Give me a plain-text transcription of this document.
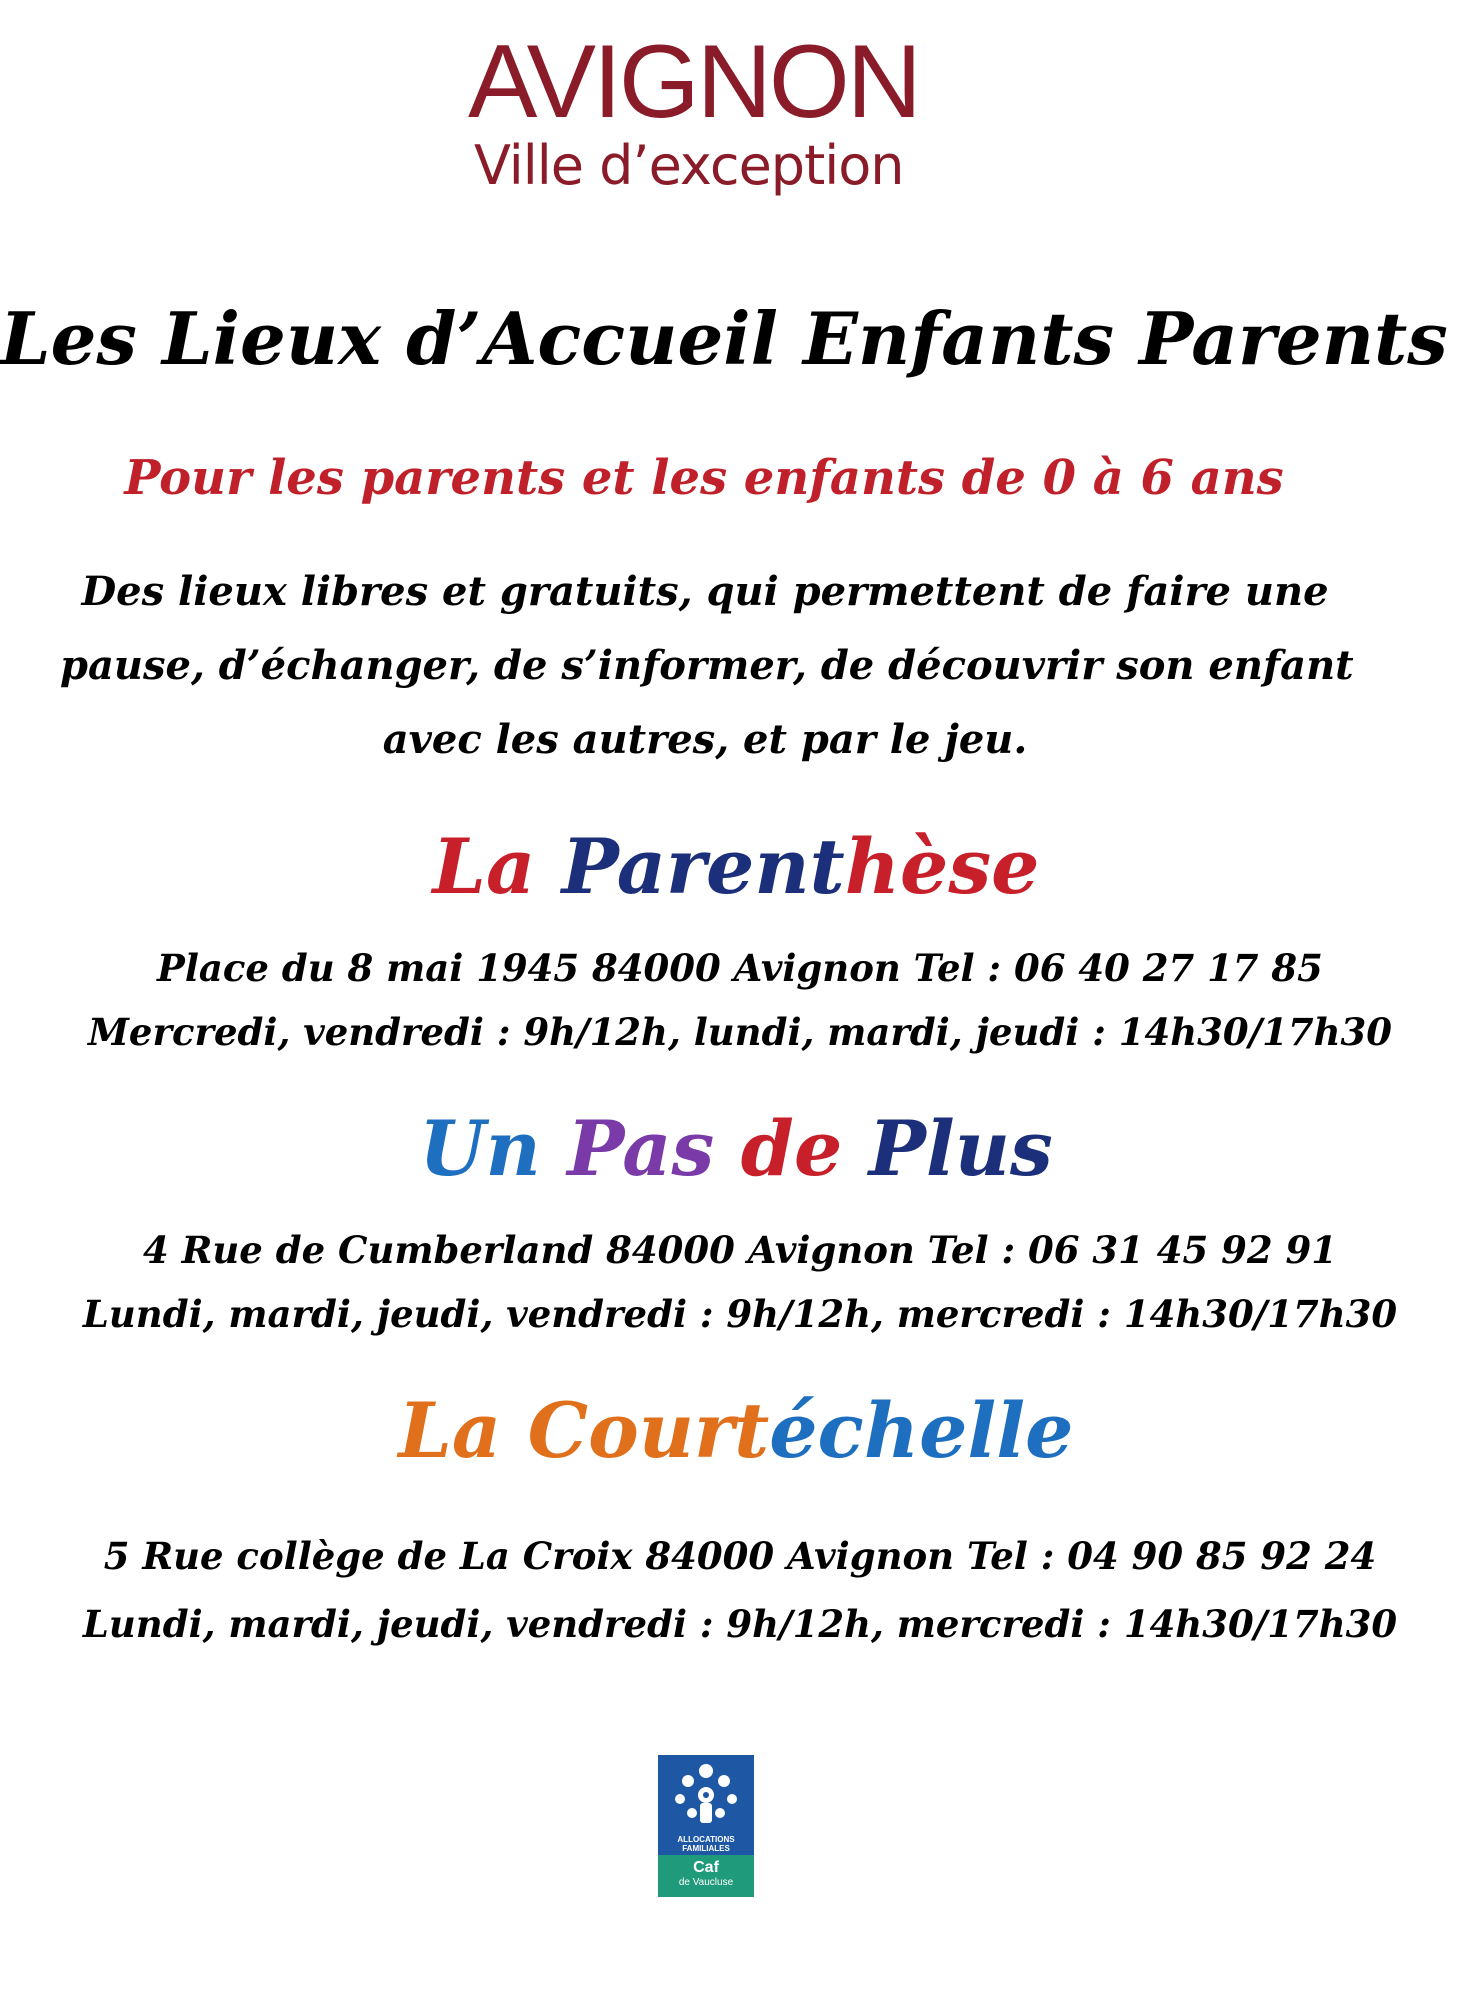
AVIGNON
Ville d’exception
Les Lieux d’Accueil Enfants Parents
Pour les parents et les enfants de 0 à 6 ans
Des lieux libres et gratuits, qui permettent de faire une
pause, d’échanger, de s’informer, de découvrir son enfant
avec les autres, et par le jeu.
La Parenthèse
Place du 8 mai 1945 84000 Avignon Tel : 06 40 27 17 85
Mercredi, vendredi : 9h/12h, lundi, mardi, jeudi : 14h30/17h30
Un Pas de Plus
4 Rue de Cumberland 84000 Avignon Tel : 06 31 45 92 91
Lundi, mardi, jeudi, vendredi : 9h/12h, mercredi : 14h30/17h30
La Courtéchelle
5 Rue collège de La Croix 84000 Avignon Tel : 04 90 85 92 24
Lundi, mardi, jeudi, vendredi : 9h/12h, mercredi : 14h30/17h30
ALLOCATIONS
FAMILIALES
Caf
de Vaucluse
